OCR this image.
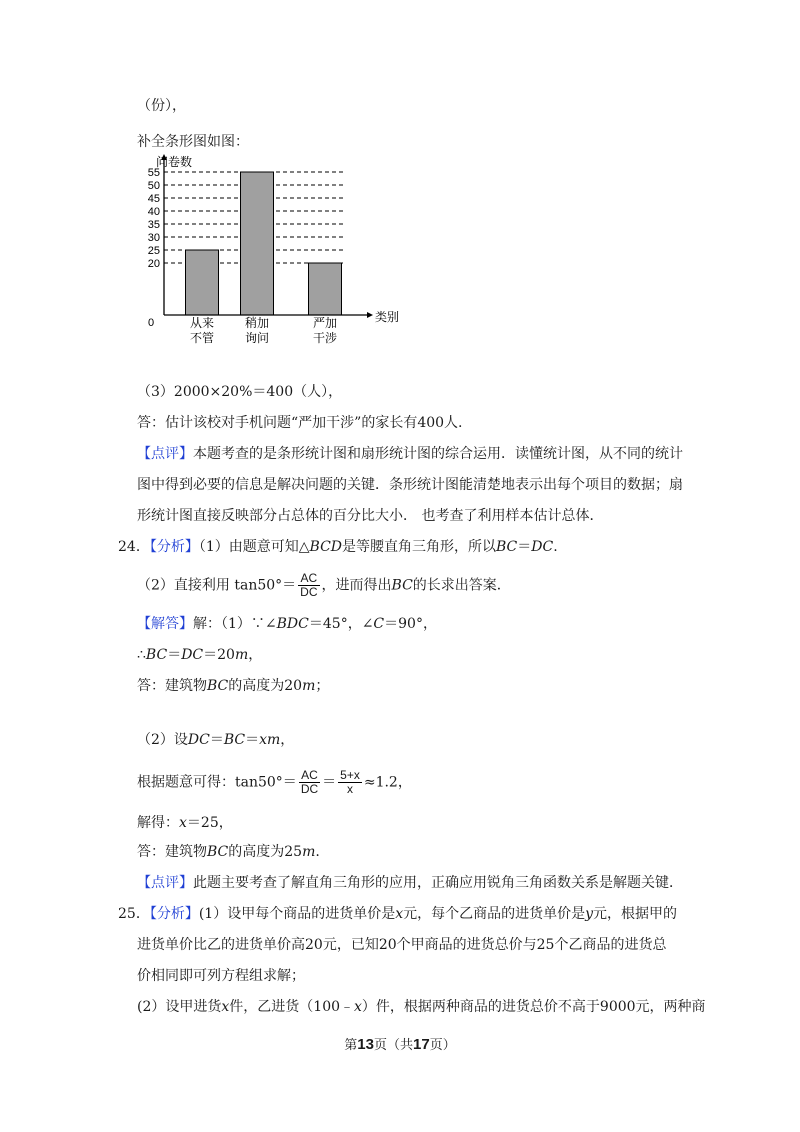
（份），
补全条形图如图：
20
25
30
35
40
45
50
55
从来
不管
稍加
询问
严加
干涉
问卷数
类别
0
（3）2000×20%＝400（人），
答：估计该校对手机问题“严加干涉”的家长有400人.
【点评】本题考查的是条形统计图和扇形统计图的综合运用．读懂统计图，从不同的统计
图中得到必要的信息是解决问题的关键．条形统计图能清楚地表示出每个项目的数据；扇
形统计图直接反映部分占总体的百分比大小． 也考查了利用样本估计总体．
24．【分析】（1）由题意可知△BCD是等腰直角三角形，所以BC＝DC.
（2）直接利用 $\tan 50^\circ= \frac{AC}{DC}$ ，进而得出BC的长求出答案．
【解答】解：（1）∵∠BDC＝45°，∠C＝90°，
∴BC＝DC＝20m，
答：建筑物BC的高度为20m；
（2）设DC＝BC＝xm，
根据题意可得：$\tan 50^\circ= \frac{AC}{DC} = \frac{5+x}{x} \approx 1.2$，
解得：x＝25，
答：建筑物BC的高度为25m.
【点评】此题主要考查了解直角三角形的应用，正确应用锐角三角函数关系是解题关键．
25．【分析】(1）设甲每个商品的进货单价是x元，每个乙商品的进货单价是y元，根据甲的
进货单价比乙的进货单价高20元，已知20个甲商品的进货总价与25个乙商品的进货总
价相同即可列方程组求解；
(2）设甲进货x件，乙进货（100﹣x）件，根据两种商品的进货总价不高于9000元，两种商
第13页（共17页）
